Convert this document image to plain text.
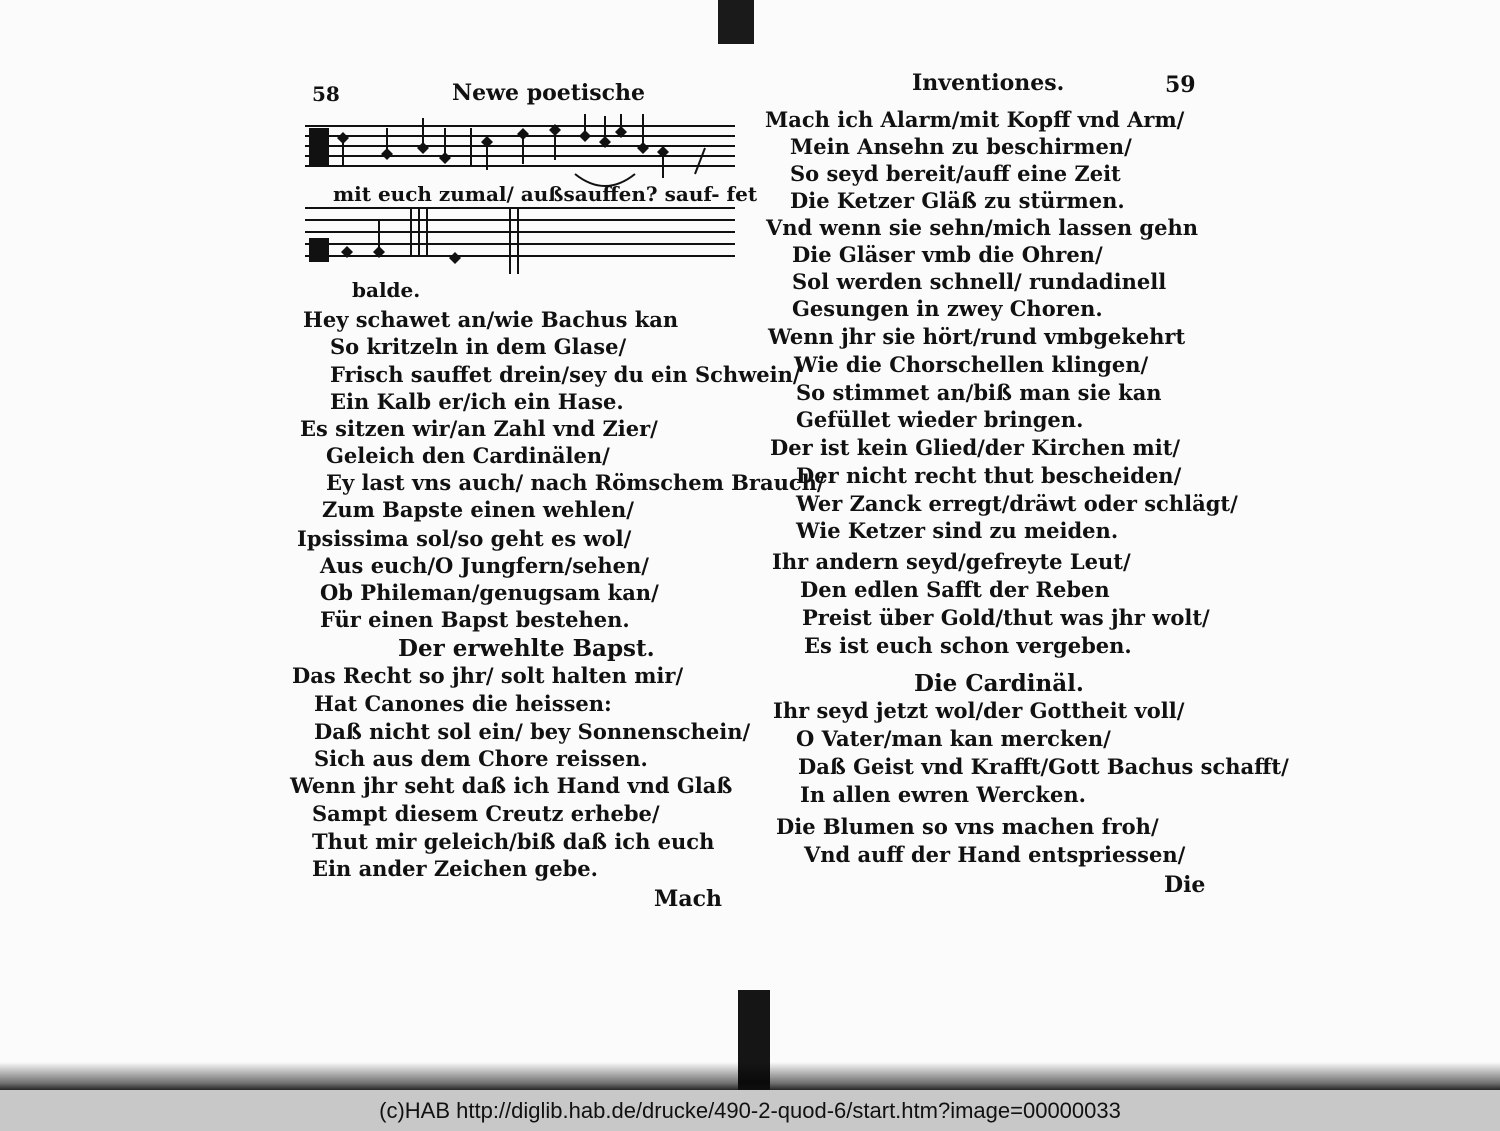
58	Newe poetische
mit euch zumal/ außsauffen? sauf- fet
balde.
Hey schawet an/wie Bachus kan
So kritzeln in dem Glase/
Frisch sauffet drein/sey du ein Schwein/
Ein Kalb er/ich ein Hase.
Es sitzen wir/an Zahl vnd Zier/
Geleich den Cardinälen/
Ey last vns auch/ nach Römschem Brauch/
Zum Bapste einen wehlen/
Ipsissima sol/so geht es wol/
Aus euch/O Jungfern/sehen/
Ob Phileman/genugsam kan/
Für einen Bapst bestehen.
Der erwehlte Bapst.
Das Recht so jhr/ solt halten mir/
Hat Canones die heissen:
Daß nicht sol ein/ bey Sonnenschein/
Sich aus dem Chore reissen.
Wenn jhr seht daß ich Hand vnd Glaß
Sampt diesem Creutz erhebe/
Thut mir geleich/biß daß ich euch
Ein ander Zeichen gebe.
Mach
Inventiones.	59
Mach ich Alarm/mit Kopff vnd Arm/
Mein Ansehn zu beschirmen/
So seyd bereit/auff eine Zeit
Die Ketzer Gläß zu stürmen.
Vnd wenn sie sehn/mich lassen gehn
Die Gläser vmb die Ohren/
Sol werden schnell/ rundadinell
Gesungen in zwey Choren.
Wenn jhr sie hört/rund vmbgekehrt
Wie die Chorschellen klingen/
So stimmet an/biß man sie kan
Gefüllet wieder bringen.
Der ist kein Glied/der Kirchen mit/
Der nicht recht thut bescheiden/
Wer Zanck erregt/dräwt oder schlägt/
Wie Ketzer sind zu meiden.
Ihr andern seyd/gefreyte Leut/
Den edlen Safft der Reben
Preist über Gold/thut was jhr wolt/
Es ist euch schon vergeben.
Die Cardinäl.
Ihr seyd jetzt wol/der Gottheit voll/
O Vater/man kan mercken/
Daß Geist vnd Krafft/Gott Bachus schafft/
In allen ewren Wercken.
Die Blumen so vns machen froh/
Vnd auff der Hand entspriessen/
Die
(c)HAB http://diglib.hab.de/drucke/490-2-quod-6/start.htm?image=00000033
